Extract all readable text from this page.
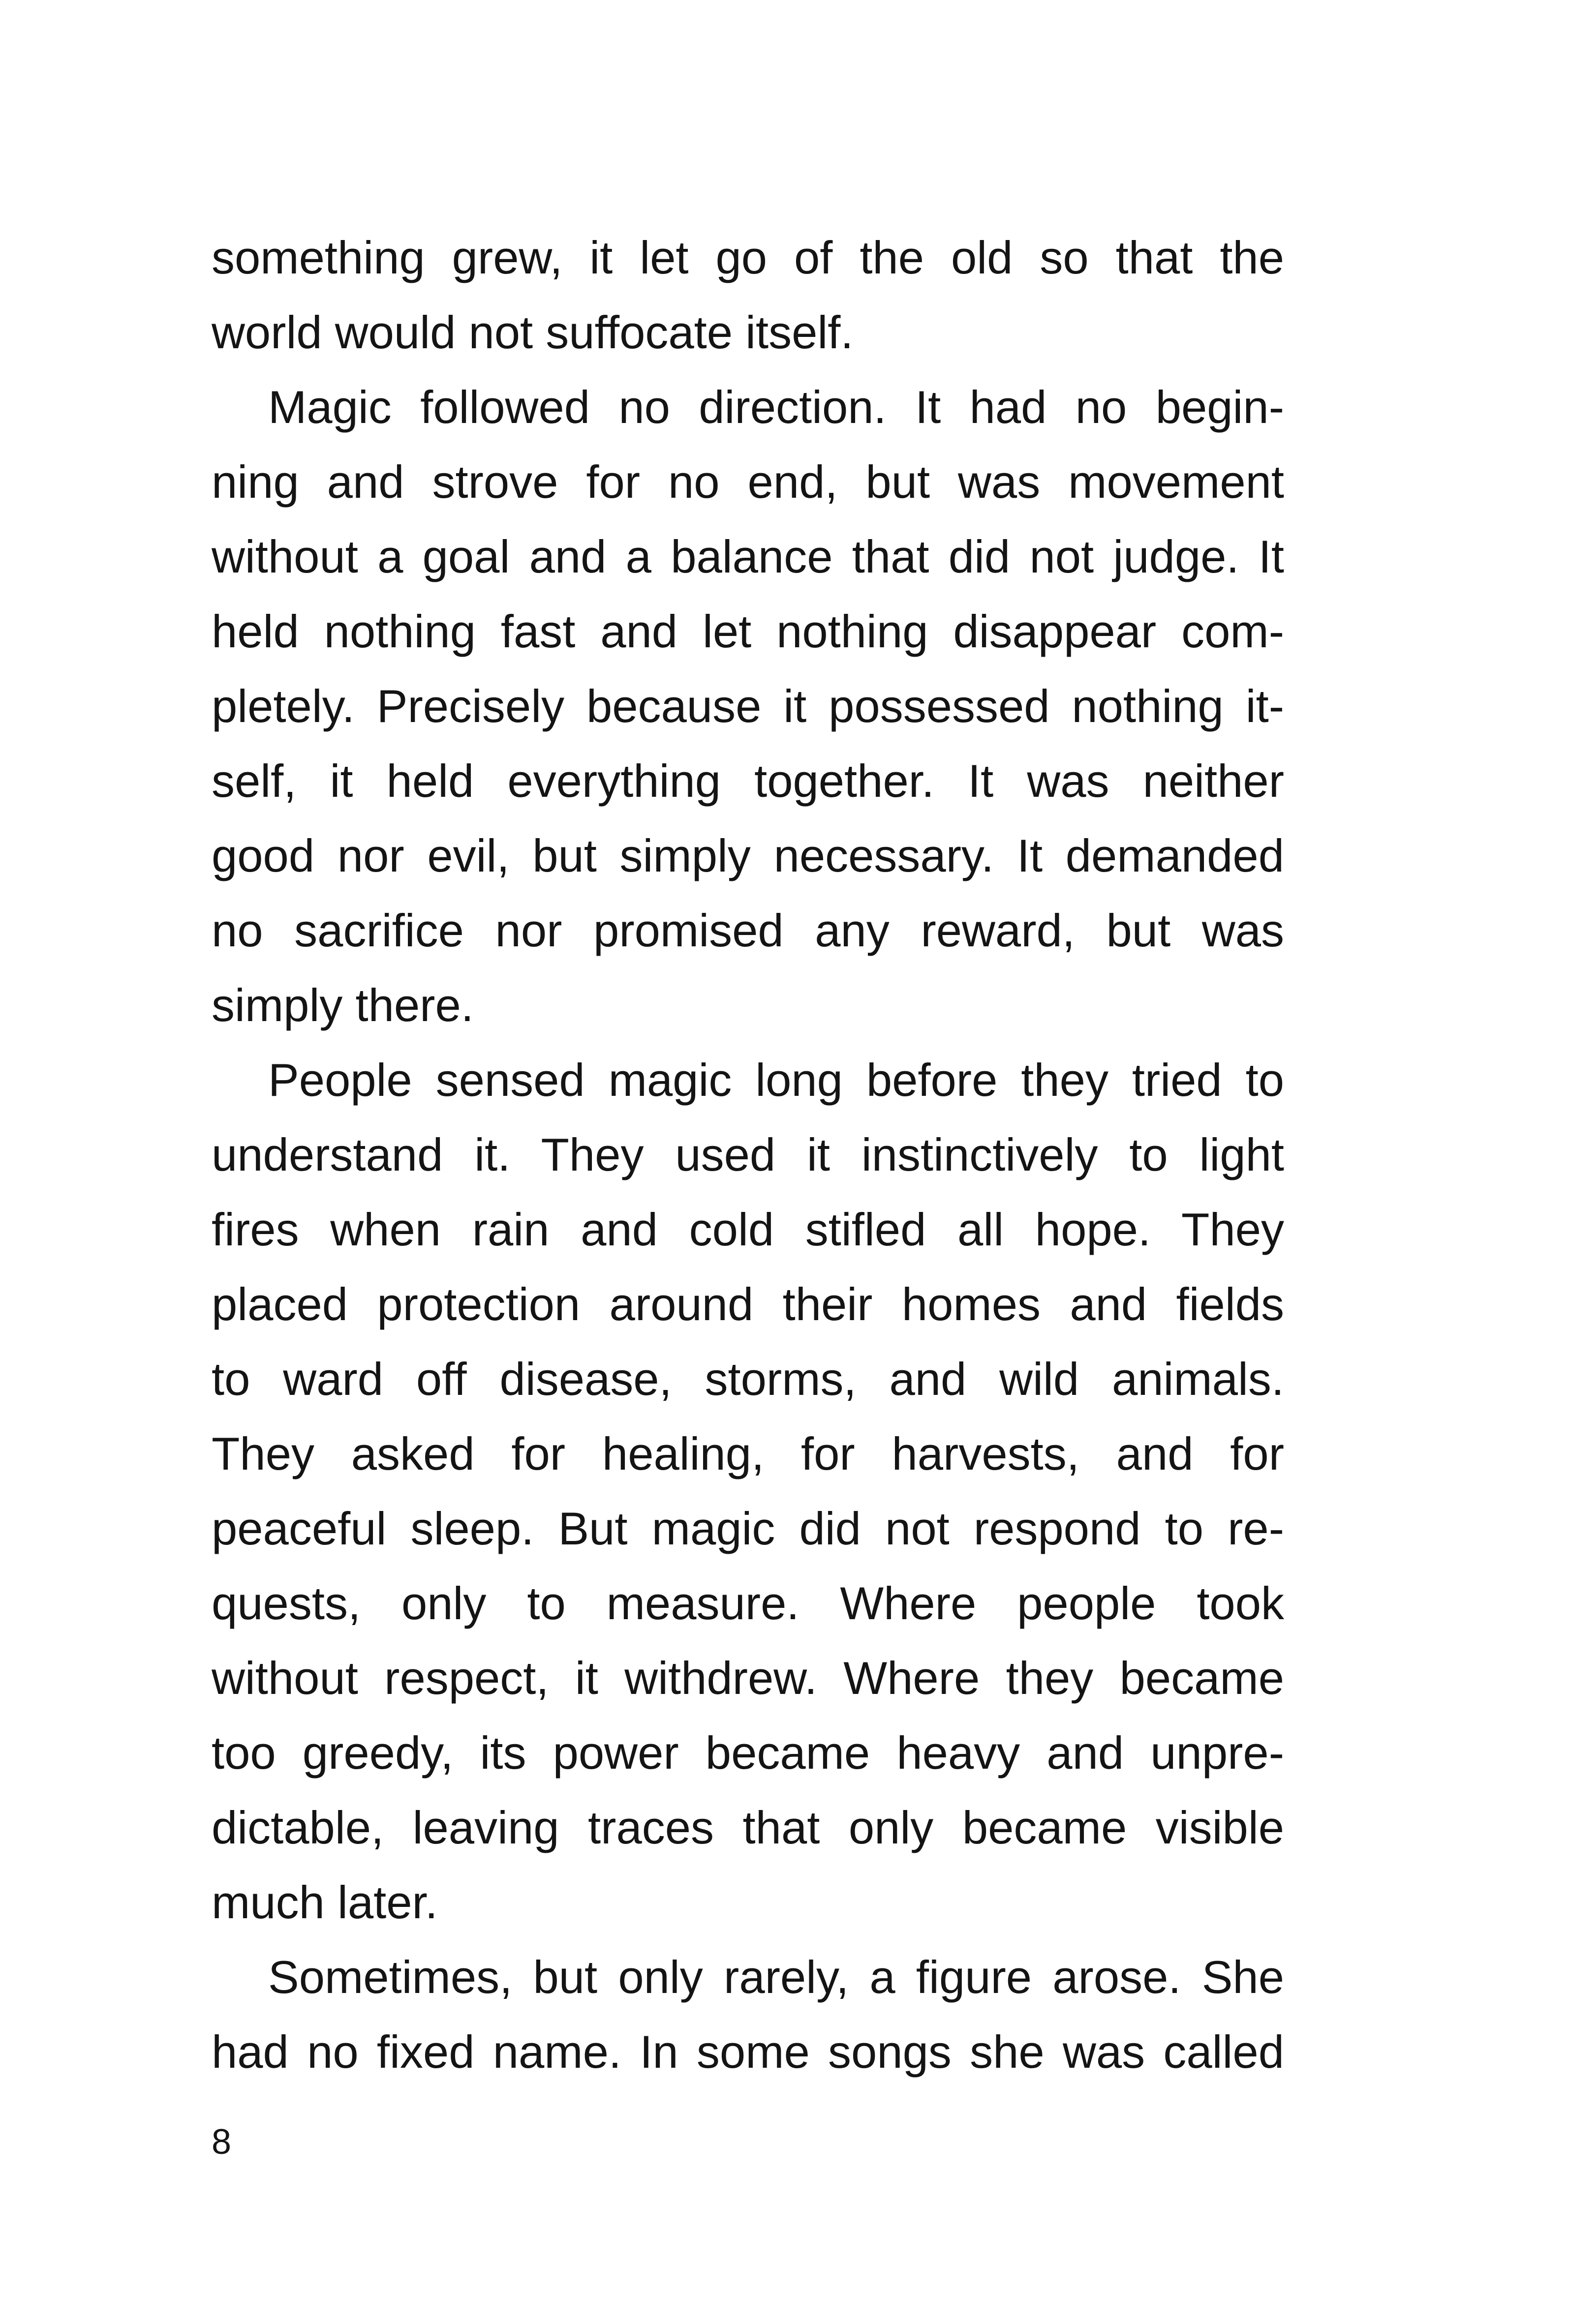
something grew, it let go of the old so that the
world would not suffocate itself.
Magic followed no direction. It had no begin-
ning and strove for no end, but was movement
without a goal and a balance that did not judge. It
held nothing fast and let nothing disappear com-
pletely. Precisely because it possessed nothing it-
self, it held everything together. It was neither
good nor evil, but simply necessary. It demanded
no sacrifice nor promised any reward, but was
simply there.
People sensed magic long before they tried to
understand it. They used it instinctively to light
fires when rain and cold stifled all hope. They
placed protection around their homes and fields
to ward off disease, storms, and wild animals.
They asked for healing, for harvests, and for
peaceful sleep. But magic did not respond to re-
quests, only to measure. Where people took
without respect, it withdrew. Where they became
too greedy, its power became heavy and unpre-
dictable, leaving traces that only became visible
much later.
Sometimes, but only rarely, a figure arose. She
had no fixed name. In some songs she was called
8
